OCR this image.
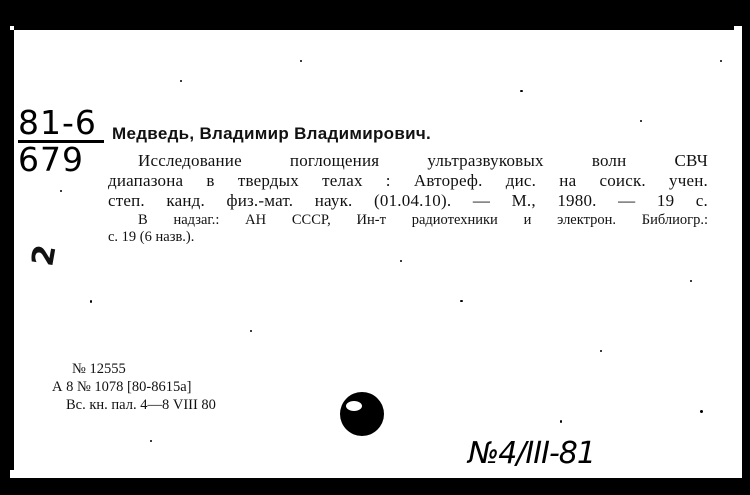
81-6
679
Медведь, Владимир Владимирович.
Исследование поглощения ультразвуковых волн СВЧ
диапазона в твердых телах : Автореф. дис. на соиск. учен.
степ. канд. физ.-мат. наук. (01.04.10). — М., 1980. — 19 с.
В надзаг.: АН СССР, Ин-т радиотехники и электрон. Библиогр.:
с. 19 (6 назв.).
2
№ 12555
А 8 № 1078 [80-8615а]
Вс. кн. пал. 4—8 VIII 80
№4/III-81
